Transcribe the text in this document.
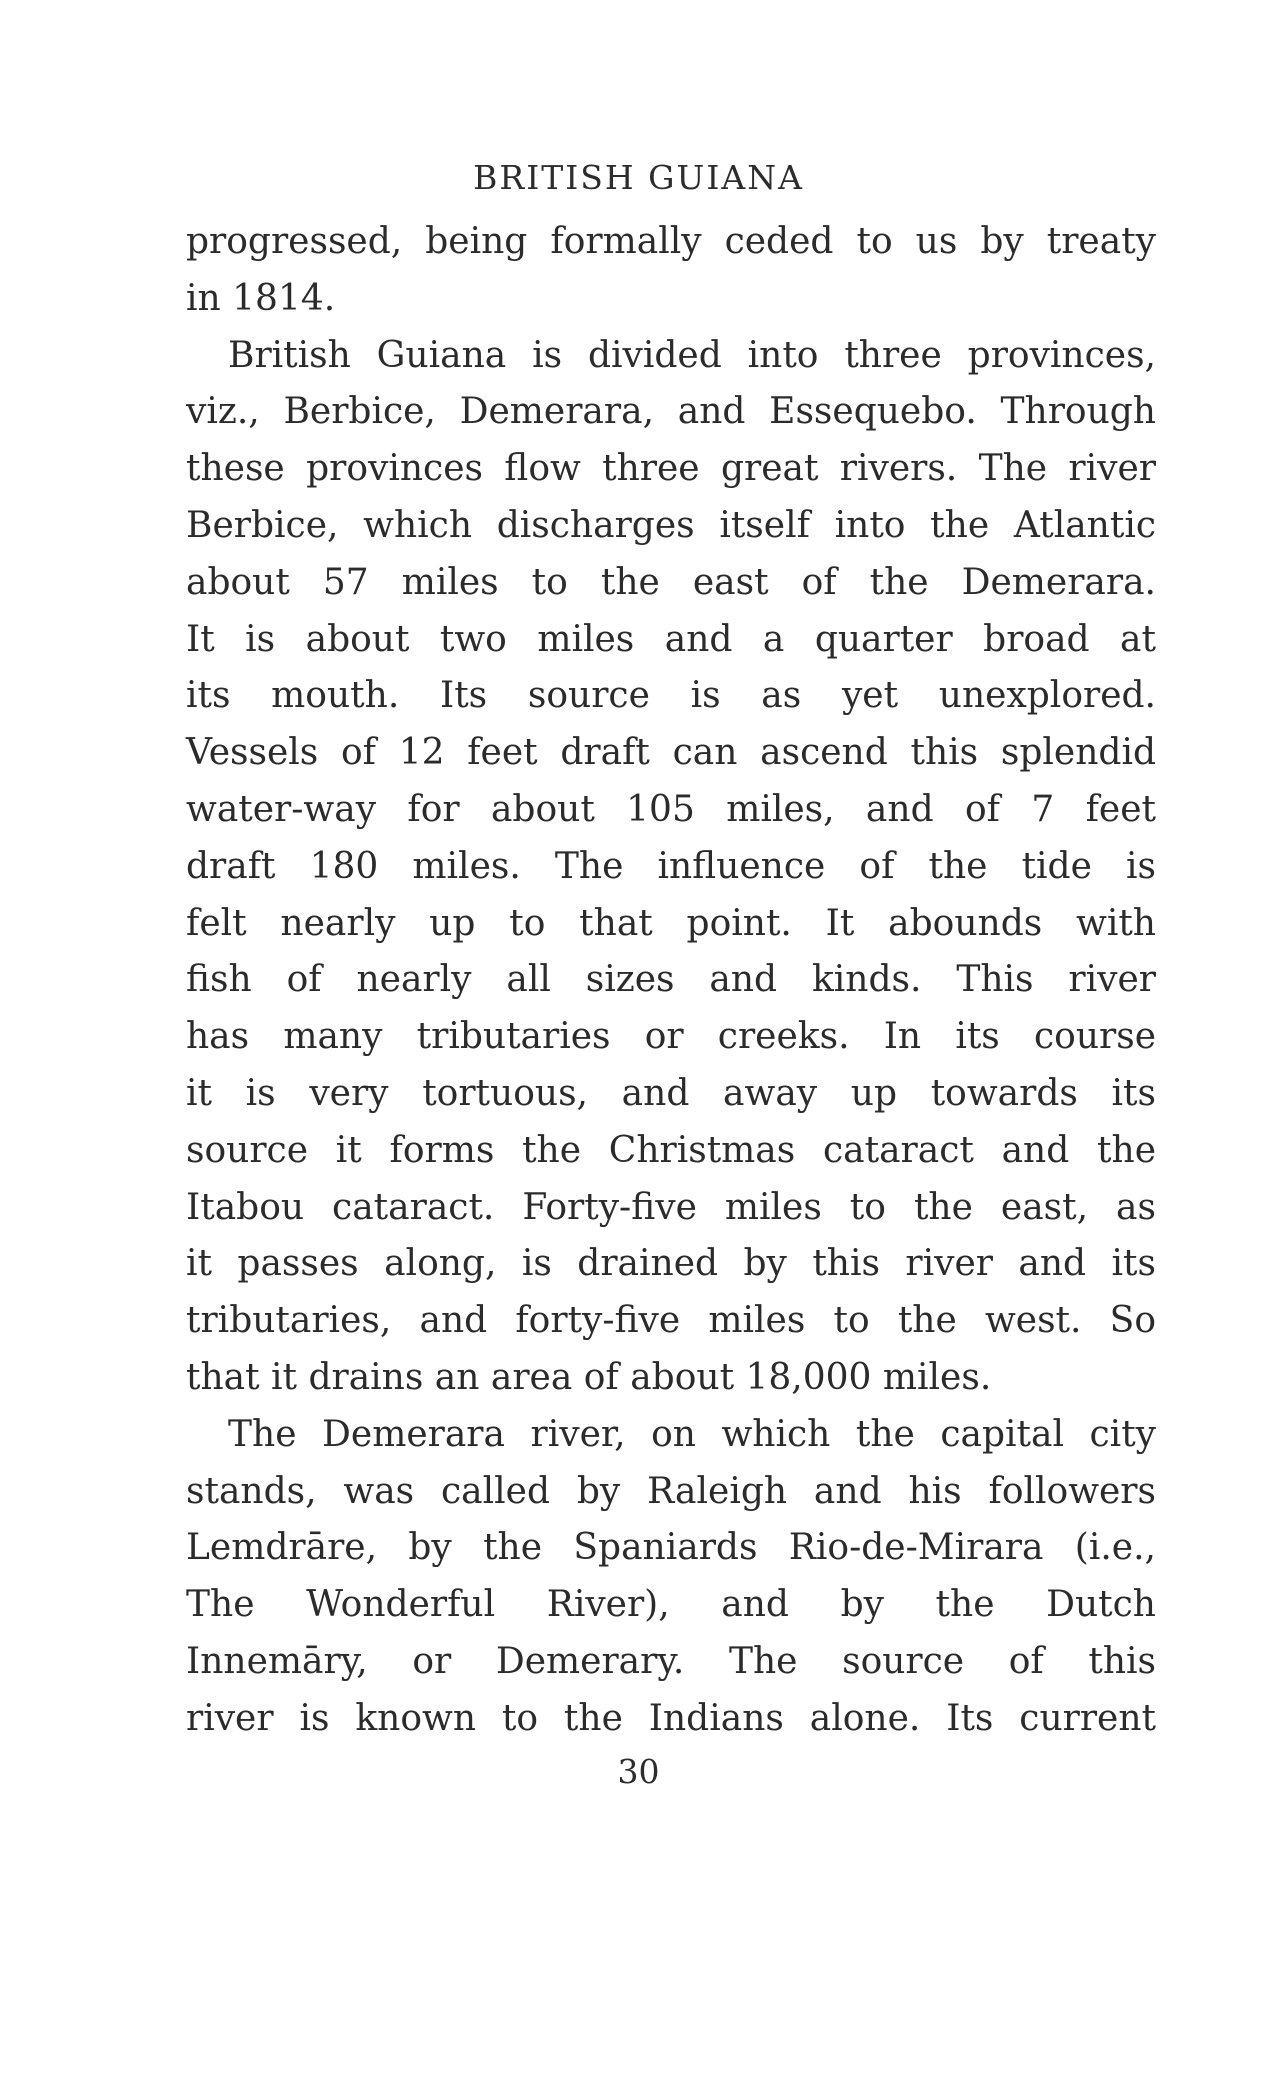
BRITISH GUIANA
progressed, being formally ceded to us by treaty
in 1814.
British Guiana is divided into three provinces,
viz., Berbice, Demerara, and Essequebo. Through
these provinces flow three great rivers. The river
Berbice, which discharges itself into the Atlantic
about 57 miles to the east of the Demerara.
It is about two miles and a quarter broad at
its mouth. Its source is as yet unexplored.
Vessels of 12 feet draft can ascend this splendid
water-way for about 105 miles, and of 7 feet
draft 180 miles. The influence of the tide is
felt nearly up to that point. It abounds with
fish of nearly all sizes and kinds. This river
has many tributaries or creeks. In its course
it is very tortuous, and away up towards its
source it forms the Christmas cataract and the
Itabou cataract. Forty-five miles to the east, as
it passes along, is drained by this river and its
tributaries, and forty-five miles to the west. So
that it drains an area of about 18,000 miles.
The Demerara river, on which the capital city
stands, was called by Raleigh and his followers
Lemdrāre, by the Spaniards Rio-de-Mirara (i.e.,
The Wonderful River), and by the Dutch
Innemāry, or Demerary. The source of this
river is known to the Indians alone. Its current
30
